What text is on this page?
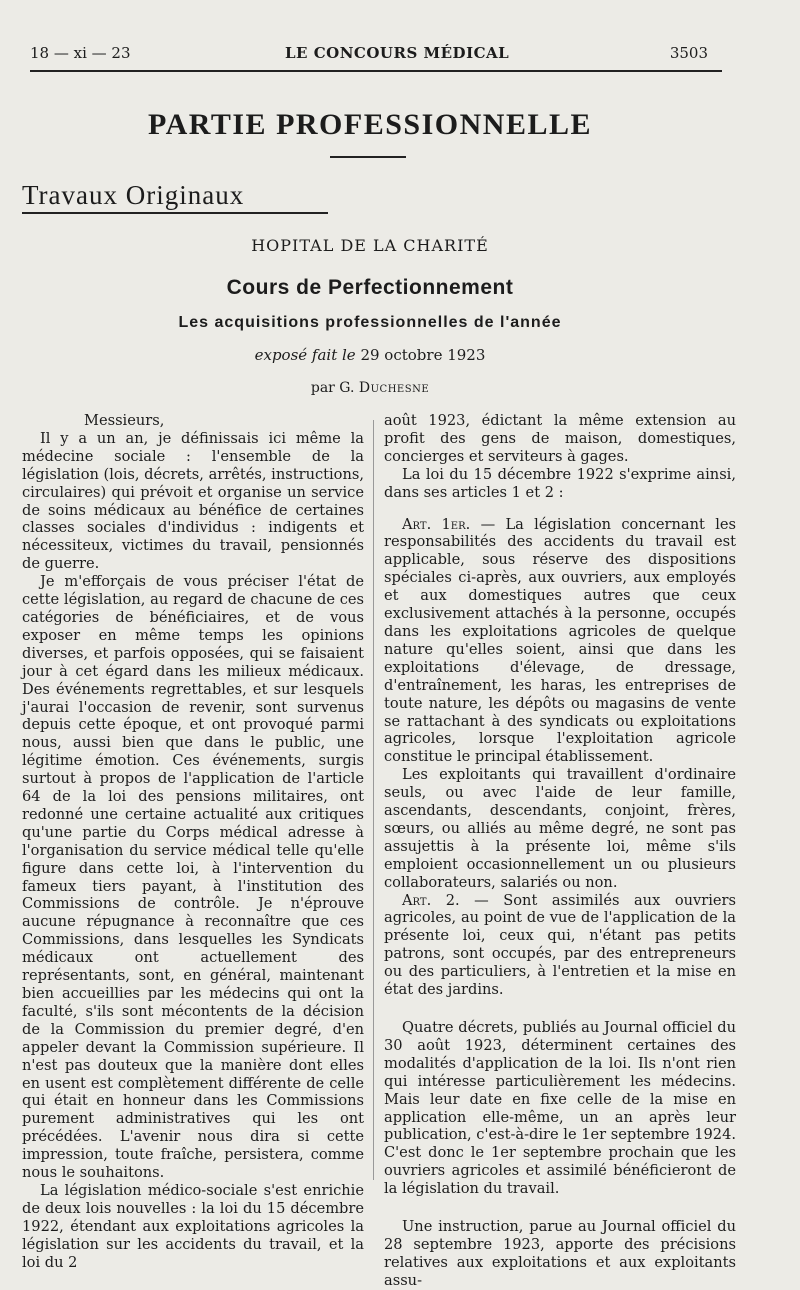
18 — xi — 23	LE CONCOURS MÉDICAL	3503
PARTIE PROFESSIONNELLE
Travaux Originaux
HOPITAL DE LA CHARITÉ
Cours de Perfectionnement
Les acquisitions professionnelles de l'année
exposé fait le 29 octobre 1923
par G. Duchesne

Messieurs,

Il y a un an, je définissais ici même la médecine sociale : l'ensemble de la législation (lois, décrets, arrêtés, instructions, circulaires) qui prévoit et organise un service de soins médicaux au bénéfice de certaines classes sociales d'individus : indigents et nécessiteux, victimes du travail, pensionnés de guerre.

Je m'efforçais de vous préciser l'état de cette législation, au regard de chacune de ces catégories de bénéficiaires, et de vous exposer en même temps les opinions diverses, et parfois opposées, qui se faisaient jour à cet égard dans les milieux médicaux. Des événements regrettables, et sur lesquels j'aurai l'occasion de revenir, sont survenus depuis cette époque, et ont provoqué parmi nous, aussi bien que dans le public, une légitime émotion. Ces événements, surgis surtout à propos de l'application de l'article 64 de la loi des pensions militaires, ont redonné une certaine actualité aux critiques qu'une partie du Corps médical adresse à l'organisation du service médical telle qu'elle figure dans cette loi, à l'intervention du fameux tiers payant, à l'institution des Commissions de contrôle. Je n'éprouve aucune répugnance à reconnaître que ces Commissions, dans lesquelles les Syndicats médicaux ont actuellement des représentants, sont, en général, maintenant bien accueillies par les médecins qui ont la faculté, s'ils sont mécontents de la décision de la Commission du premier degré, d'en appeler devant la Commission supérieure. Il n'est pas douteux que la manière dont elles en usent est complètement différente de celle qui était en honneur dans les Commissions purement administratives qui les ont précédées. L'avenir nous dira si cette impression, toute fraîche, persistera, comme nous le souhaitons.

La législation médico-sociale s'est enrichie de deux lois nouvelles : la loi du 15 décembre 1922, étendant aux exploitations agricoles la législation sur les accidents du travail, et la loi du 2

août 1923, édictant la même extension au profit des gens de maison, domestiques, concierges et serviteurs à gages.

La loi du 15 décembre 1922 s'exprime ainsi, dans ses articles 1 et 2 :

Art. 1er. — La législation concernant les responsabilités des accidents du travail est applicable, sous réserve des dispositions spéciales ci-après, aux ouvriers, aux employés et aux domestiques autres que ceux exclusivement attachés à la personne, occupés dans les exploitations agricoles de quelque nature qu'elles soient, ainsi que dans les exploitations d'élevage, de dressage, d'entraînement, les haras, les entreprises de toute nature, les dépôts ou magasins de vente se rattachant à des syndicats ou exploitations agricoles, lorsque l'exploitation agricole constitue le principal établissement.

Les exploitants qui travaillent d'ordinaire seuls, ou avec l'aide de leur famille, ascendants, descendants, conjoint, frères, sœurs, ou alliés au même degré, ne sont pas assujettis à la présente loi, même s'ils emploient occasionnellement un ou plusieurs collaborateurs, salariés ou non.

Art. 2. — Sont assimilés aux ouvriers agricoles, au point de vue de l'application de la présente loi, ceux qui, n'étant pas petits patrons, sont occupés, par des entrepreneurs ou des particuliers, à l'entretien et la mise en état des jardins.

Quatre décrets, publiés au Journal officiel du 30 août 1923, déterminent certaines des modalités d'application de la loi. Ils n'ont rien qui intéresse particulièrement les médecins. Mais leur date en fixe celle de la mise en application elle-même, un an après leur publication, c'est-à-dire le 1er septembre 1924. C'est donc le 1er septembre prochain que les ouvriers agricoles et assimilé bénéficieront de la législation du travail.

Une instruction, parue au Journal officiel du 28 septembre 1923, apporte des précisions relatives aux exploitations et aux exploitants assu-
